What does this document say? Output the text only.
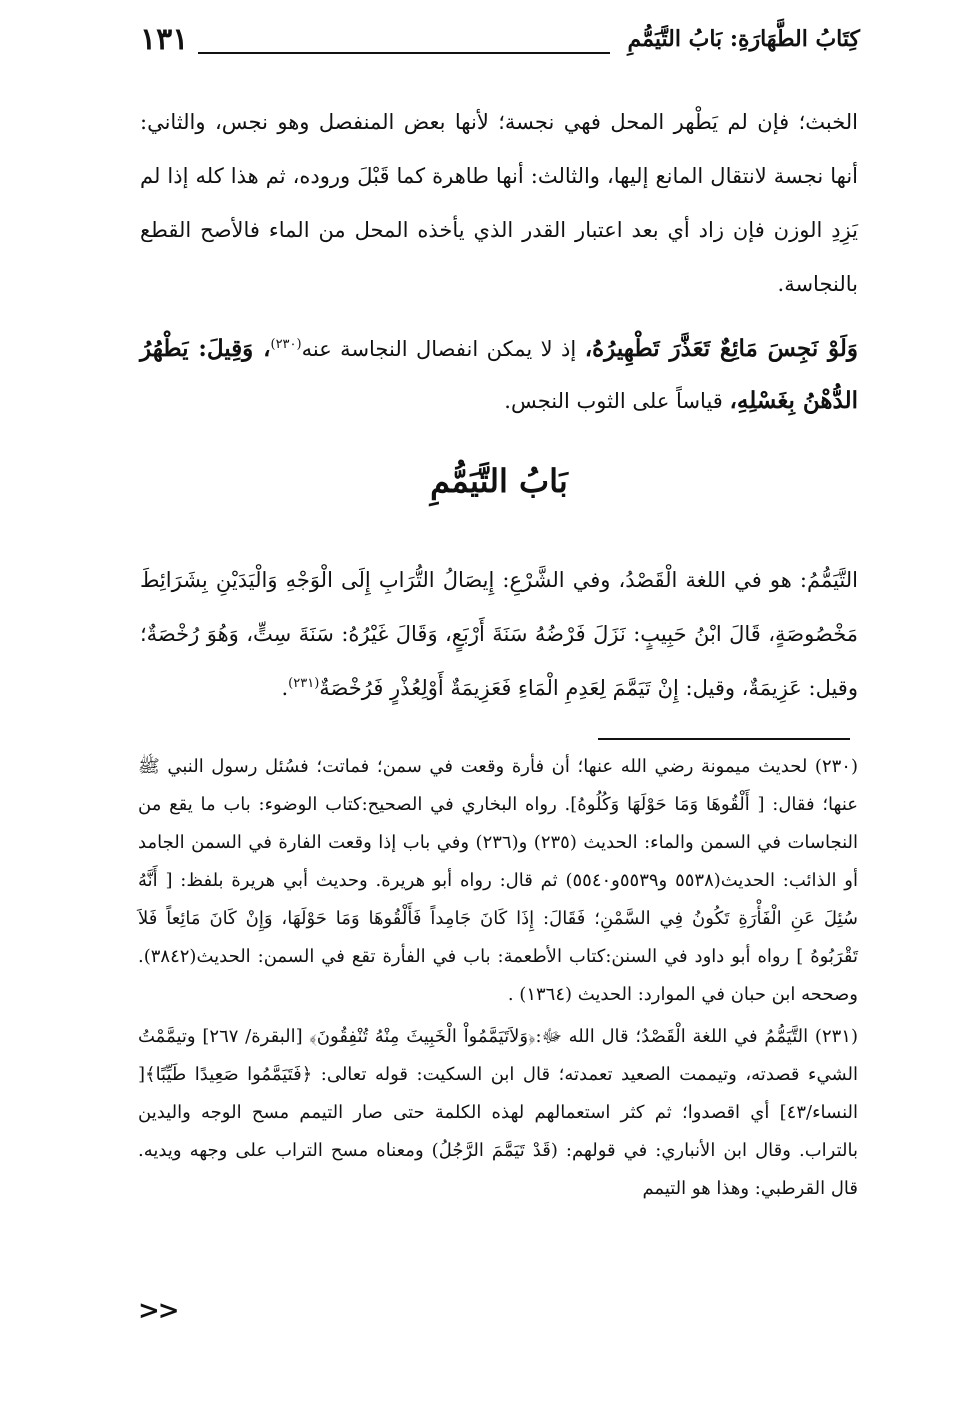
كِتَابُ الطَّهَارَةِ: بَابُ التَّيَمُّمِ
١٣١

الخبث؛ فإن لم يَطْهر المحل فهي نجسة؛ لأنها بعض المنفصل وهو نجس، والثاني: أنها نجسة لانتقال المانع إليها، والثالث: أنها طاهرة كما قَبْلَ وروده، ثم هذا كله إذا لم يَزِدِ الوزن فإن زاد أي بعد اعتبار القدر الذي يأخذه المحل من الماء فالأصح القطع بالنجاسة.

وَلَوْ نَجِسَ مَائِعٌ تَعَذَّرَ تَطْهِيرُهُ، إذ لا يمكن انفصال النجاسة عنه$^{(٢٣٠)}$، وَقِيلَ: يَطْهُرُ الدُّهْنُ بِغَسْلِهِ، قياساً على الثوب النجس.

بَابُ التَّيَمُّمِ

التَّيَمُّمُ: هو في اللغة الْقَصْدُ، وفي الشَّرْعِ: إِيصَالُ التُّرَابِ إِلَى الْوَجْهِ وَالْيَدَيْنِ بِشَرَائِطَ مَخْصُوصَةٍ، قَالَ ابْنُ حَبِيبٍ: نَزَلَ فَرْضُهُ سَنَةَ أَرْبَعٍ، وَقَالَ غَيْرُهُ: سَنَةَ سِتٍّ، وَهُوَ رُخْصَةٌ؛ وقيل: عَزِيمَةٌ، وقيل: إِنْ تَيَمَّمَ لِعَدِمِ الْمَاءِ فَعَزِيمَةٌ أَوْلِعُذْرٍ فَرُخْصَةٌ$^{(٢٣١)}$.

(٢٣٠) لحديث ميمونة رضي الله عنها؛ أن فأرة وقعت في سمن؛ فماتت؛ فسُئل رسول النبي ﷺ عنها؛ فقال: [ أَلْقُوهَا وَمَا حَوْلَهَا وَكُلُوهُ]. رواه البخاري في الصحيح:كتاب الوضوء: باب ما يقع من النجاسات في السمن والماء: الحديث (٢٣٥) و(٢٣٦) وفي باب إذا وقعت الفارة في السمن الجامد أو الذائب: الحديث(٥٥٣٨ و٥٥٣٩و٥٥٤٠) ثم قال: رواه أبو هريرة. وحديث أبي هريرة بلفظ: [ أَنَّهُ سُئِلَ عَنِ الْفَأْرَةِ تَكُونُ فِي السَّمْنِ؛ فَقَالَ: إِذَا كَانَ جَامِداً فَأَلْقُوهَا وَمَا حَوْلَهَا، وَإِنْ كَانَ مَائِعاً فَلاَ تَقْرَبُوهُ ] رواه أبو داود في السنن:كتاب الأطعمة: باب في الفأرة تقع في السمن: الحديث(٣٨٤٢). وصححه ابن حبان في الموارد: الحديث (١٣٦٤) .

(٢٣١) التَّيَمُّمُ في اللغة الْقَصْدُ؛ قال الله ﷻ:﴿وَلاَتَيَمَّمُواْ الْخَبِيثَ مِنْهُ تُنْفِقُونَ﴾ [البقرة/ ٢٦٧] وتيمَّمْتُ الشيء قصدته، وتيممت الصعيد تعمدته؛ قال ابن السكيت: قوله تعالى: ﴿فَتَيَمَّمُوا صَعِيدًا طَيِّبًا﴾[ النساء/٤٣] أي اقصدوا؛ ثم كثر استعمالهم لهذه الكلمة حتى صار التيمم مسح الوجه واليدين بالتراب. وقال ابن الأنباري: في قولهم: (قَدْ تَيَمَّمَ الرَّجُلُ) ومعناه مسح التراب على وجهه ويديه. قال القرطبي: وهذا هو التيمم

<<
